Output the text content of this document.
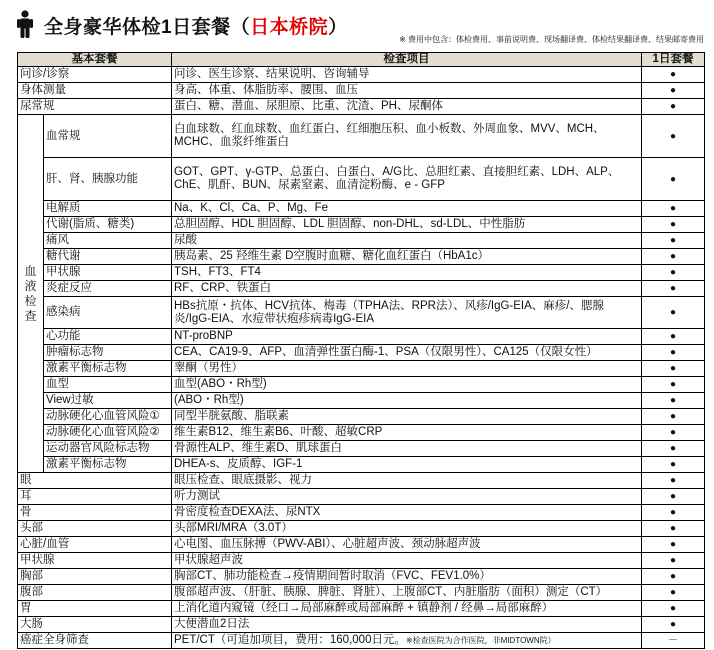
全身豪华体检1日套餐（日本桥院）
※ 费用中包含：体检费用、事前说明费、现场翻译费、体检结果翻译费、结果邮寄费用
基本套餐		检查项目	1日套餐
问诊/诊察		问诊、医生诊察、结果说明、咨询辅导	●
身体测量		身高、体重、体脂肪率、腰围、血压	●
尿常规		蛋白、糖、潜血、尿胆原、比重、沈渣、PH、尿酮体	●
血
液
检
查	血常规	白血球数、红血球数、血红蛋白、红细胞压积、血小板数、外周血象、MVV、MCH、MCHC、血浆纤维蛋白	●
	肝、肾、胰腺功能	GOT、GPT、γ-GTP、总蛋白、白蛋白、A/G比、总胆红素、直接胆红素、LDH、ALP、ChE、肌酐、BUN、尿素窒素、血清淀粉酶、e - GFP	●
	电解质	Na、K、Cl、Ca、P、Mg、Fe	●
	代谢(脂质、糖类)	总胆固醇、HDL 胆固醇、LDL 胆固醇、non-DHL、sd-LDL、中性脂肪	●
	痛风	尿酸	●
	糖代谢	胰岛素、25 羟维生素 D空腹时血糖、糖化血红蛋白（HbA1c）	●
	甲状腺	TSH、FT3、FT4	●
	炎症反应	RF、CRP、铁蛋白	●
	感染病	HBs抗原・抗体、HCV抗体、梅毒（TPHA法、RPR法）、风疹/IgG-EIA、麻疹/、腮腺炎/IgG-EIA、水痘带状疱疹病毒IgG-EIA	●
	心功能	NT-proBNP	●
	肿瘤标志物	CEA、CA19-9、AFP、血清弹性蛋白酶-1、PSA（仅限男性）、CA125（仅限女性）	●
	激素平衡标志物	睾酮（男性）	●
	血型	血型(ABO・Rh型)	●
	View过敏	(ABO・Rh型)	●
	动脉硬化心血管风险①	同型半胱氨酸、脂联素	●
	动脉硬化心血管风险②	维生素B12、维生素B6、叶酸、超敏CRP	●
	运动器官风险标志物	骨源性ALP、维生素D、肌球蛋白	●
	激素平衡标志物	DHEA-s、皮质醇、IGF-1	●
眼		眼压检查、眼底摄影、视力	●
耳		听力测试	●
骨		骨密度检查DEXA法、尿NTX	●
头部		头部MRI/MRA（3.0T）	●
心脏/血管		心电图、血压脉搏（PWV-ABI）、心脏超声波、颈动脉超声波	●
甲状腺		甲状腺超声波	●
胸部		胸部CT、肺功能检查→疫情期间暂时取消（FVC、FEV1.0%）	●
腹部		腹部超声波、（肝脏、胰腺、脾脏、肾脏）、上腹部CT、内脏脂肪（面积）测定（CT）	●
胃		上消化道内窥镜（经口→局部麻醉或局部麻醉 + 镇静剂 / 经鼻→局部麻醉）	●
大肠		大便潜血2日法	●
癌症全身筛查		PET/CT（可追加项目，费用：160,000日元。※检查医院为合作医院，非MIDTOWN院）	－
